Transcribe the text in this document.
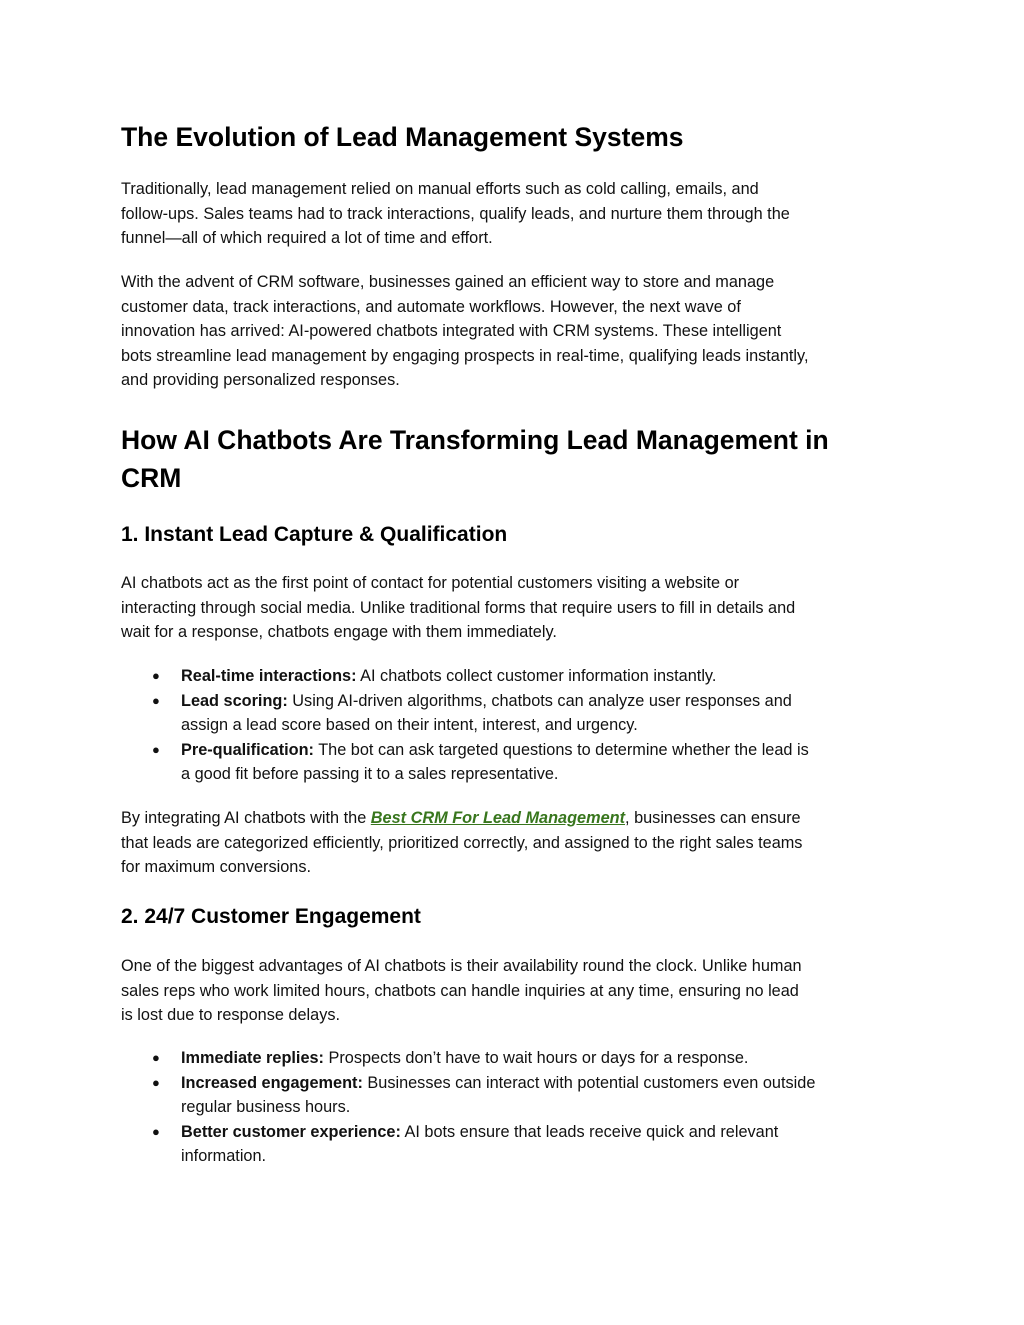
The Evolution of Lead Management Systems

Traditionally, lead management relied on manual efforts such as cold calling, emails, and
follow-ups. Sales teams had to track interactions, qualify leads, and nurture them through the
funnel—all of which required a lot of time and effort.

With the advent of CRM software, businesses gained an efficient way to store and manage
customer data, track interactions, and automate workflows. However, the next wave of
innovation has arrived: AI-powered chatbots integrated with CRM systems. These intelligent
bots streamline lead management by engaging prospects in real-time, qualifying leads instantly,
and providing personalized responses.

How AI Chatbots Are Transforming Lead Management in
CRM
1. Instant Lead Capture & Qualification

AI chatbots act as the first point of contact for potential customers visiting a website or
interacting through social media. Unlike traditional forms that require users to fill in details and
wait for a response, chatbots engage with them immediately.

● Real-time interactions: AI chatbots collect customer information instantly.
● Lead scoring: Using AI-driven algorithms, chatbots can analyze user responses and
assign a lead score based on their intent, interest, and urgency.
● Pre-qualification: The bot can ask targeted questions to determine whether the lead is
a good fit before passing it to a sales representative.

By integrating AI chatbots with the Best CRM For Lead Management, businesses can ensure
that leads are categorized efficiently, prioritized correctly, and assigned to the right sales teams
for maximum conversions.

2. 24/7 Customer Engagement

One of the biggest advantages of AI chatbots is their availability round the clock. Unlike human
sales reps who work limited hours, chatbots can handle inquiries at any time, ensuring no lead
is lost due to response delays.

● Immediate replies: Prospects don’t have to wait hours or days for a response.
● Increased engagement: Businesses can interact with potential customers even outside
regular business hours.
● Better customer experience: AI bots ensure that leads receive quick and relevant
information.
